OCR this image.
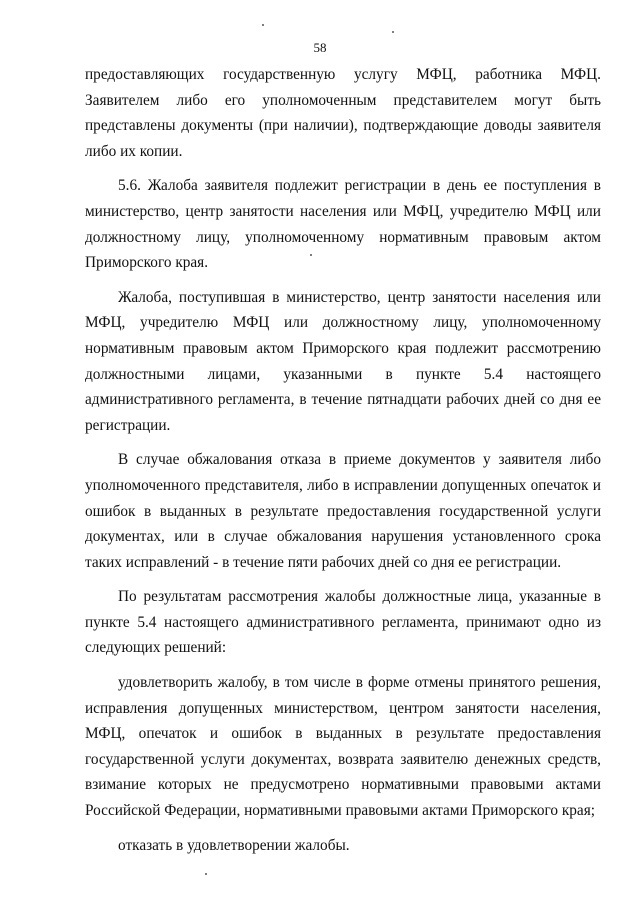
58

предоставляющих государственную услугу МФЦ, работника МФЦ. Заявителем либо его уполномоченным представителем могут быть представлены документы (при наличии), подтверждающие доводы заявителя либо их копии.

5.6. Жалоба заявителя подлежит регистрации в день ее поступления в министерство, центр занятости населения или МФЦ, учредителю МФЦ или должностному лицу, уполномоченному нормативным правовым актом Приморского края.

Жалоба, поступившая в министерство, центр занятости населения или МФЦ, учредителю МФЦ или должностному лицу, уполномоченному нормативным правовым актом Приморского края подлежит рассмотрению должностными лицами, указанными в пункте 5.4 настоящего административного регламента, в течение пятнадцати рабочих дней со дня ее регистрации.

В случае обжалования отказа в приеме документов у заявителя либо уполномоченного представителя, либо в исправлении допущенных опечаток и ошибок в выданных в результате предоставления государственной услуги документах, или в случае обжалования нарушения установленного срока таких исправлений - в течение пяти рабочих дней со дня ее регистрации.

По результатам рассмотрения жалобы должностные лица, указанные в пункте 5.4 настоящего административного регламента, принимают одно из следующих решений:

удовлетворить жалобу, в том числе в форме отмены принятого решения, исправления допущенных министерством, центром занятости населения, МФЦ, опечаток и ошибок в выданных в результате предоставления государственной услуги документах, возврата заявителю денежных средств, взимание которых не предусмотрено нормативными правовыми актами Российской Федерации, нормативными правовыми актами Приморского края;

отказать в удовлетворении жалобы.
